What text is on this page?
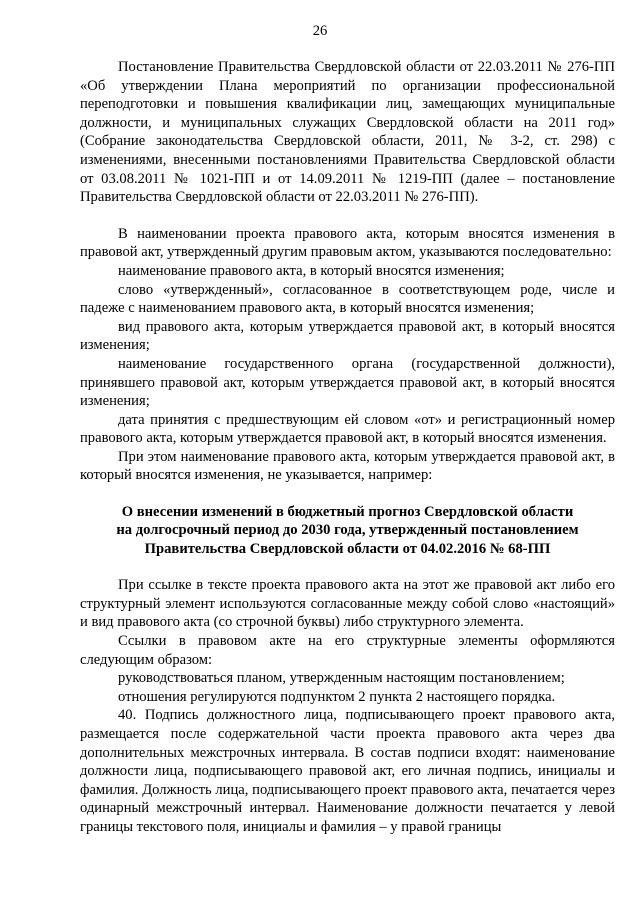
26

Постановление Правительства Свердловской области от 22.03.2011 № 276-ПП «Об утверждении Плана мероприятий по организации профессиональной переподготовки и повышения квалификации лиц, замещающих муниципальные должности, и муниципальных служащих Свердловской области на 2011 год» (Собрание законодательства Свердловской области, 2011, № 3-2, ст. 298) с изменениями, внесенными постановлениями Правительства Свердловской области от 03.08.2011 № 1021-ПП и от 14.09.2011 № 1219-ПП (далее – постановление Правительства Свердловской области от 22.03.2011 № 276-ПП).

В наименовании проекта правового акта, которым вносятся изменения в правовой акт, утвержденный другим правовым актом, указываются последовательно:

наименование правового акта, в который вносятся изменения;

слово «утвержденный», согласованное в соответствующем роде, числе и падеже с наименованием правового акта, в который вносятся изменения;

вид правового акта, которым утверждается правовой акт, в который вносятся изменения;

наименование государственного органа (государственной должности), принявшего правовой акт, которым утверждается правовой акт, в который вносятся изменения;

дата принятия с предшествующим ей словом «от» и регистрационный номер правового акта, которым утверждается правовой акт, в который вносятся изменения.

При этом наименование правового акта, которым утверждается правовой акт, в который вносятся изменения, не указывается, например:

О внесении изменений в бюджетный прогноз Свердловской области

на долгосрочный период до 2030 года, утвержденный постановлением

Правительства Свердловской области от 04.02.2016 № 68-ПП

При ссылке в тексте проекта правового акта на этот же правовой акт либо его структурный элемент используются согласованные между собой слово «настоящий» и вид правового акта (со строчной буквы) либо структурного элемента.

Ссылки в правовом акте на его структурные элементы оформляются следующим образом:

руководствоваться планом, утвержденным настоящим постановлением;

отношения регулируются подпунктом 2 пункта 2 настоящего порядка.

40. Подпись должностного лица, подписывающего проект правового акта, размещается после содержательной части проекта правового акта через два дополнительных межстрочных интервала. В состав подписи входят: наименование должности лица, подписывающего правовой акт, его личная подпись, инициалы и фамилия. Должность лица, подписывающего проект правового акта, печатается через одинарный межстрочный интервал. Наименование должности печатается у левой границы текстового поля, инициалы и фамилия – у правой границы
